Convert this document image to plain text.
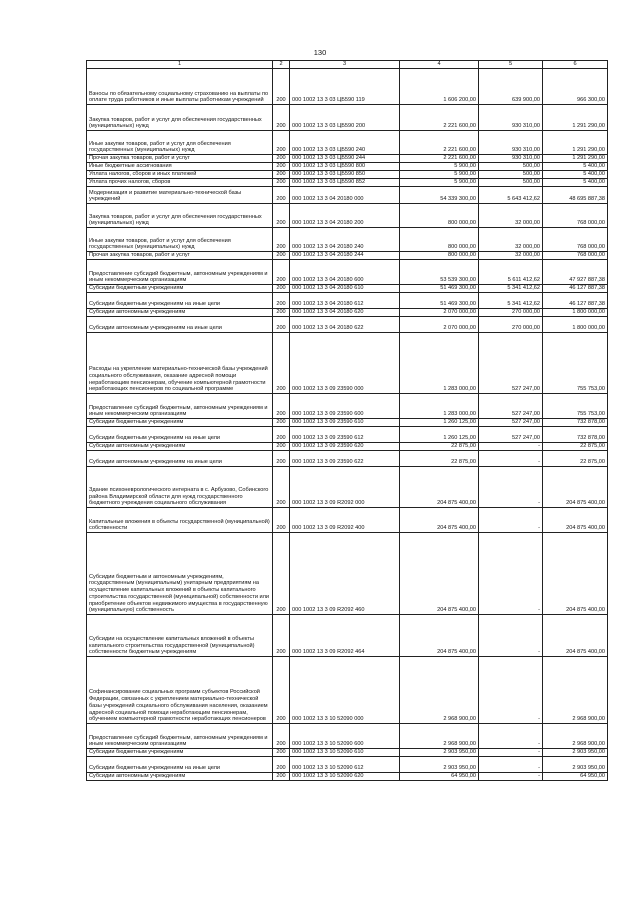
130
1	2	3	4	5	6
Взносы по обязательному социальному страхованию на выплаты по оплате труда работников и иные выплаты работникам учреждений	200	000 1002 13 3 03 ЦБ590 119	1 606 200,00	639 900,00	966 300,00
Закупка товаров, работ и услуг для обеспечения государственных (муниципальных) нужд	200	000 1002 13 3 03 ЦБ590 200	2 221 600,00	930 310,00	1 291 290,00
Иные закупки товаров, работ и услуг для обеспечения государственных (муниципальных) нужд	200	000 1002 13 3 03 ЦБ590 240	2 221 600,00	930 310,00	1 291 290,00
Прочая закупка товаров, работ и услуг	200	000 1002 13 3 03 ЦБ590 244	2 221 600,00	930 310,00	1 291 290,00
Иные бюджетные ассигнования	200	000 1002 13 3 03 ЦБ590 800	5 900,00	500,00	5 400,00
Уплата налогов, сборов и иных платежей	200	000 1002 13 3 03 ЦБ590 850	5 900,00	500,00	5 400,00
Уплата прочих налогов, сборов	200	000 1002 13 3 03 ЦБ590 852	5 900,00	500,00	5 400,00
Модернизация и развитие материально-технической базы учреждений	200	000 1002 13 3 04 20180 000	54 339 300,00	5 643 412,62	48 695 887,38
Закупка товаров, работ и услуг для обеспечения государственных (муниципальных) нужд	200	000 1002 13 3 04 20180 200	800 000,00	32 000,00	768 000,00
Иные закупки товаров, работ и услуг для обеспечения государственных (муниципальных) нужд	200	000 1002 13 3 04 20180 240	800 000,00	32 000,00	768 000,00
Прочая закупка товаров, работ и услуг	200	000 1002 13 3 04 20180 244	800 000,00	32 000,00	768 000,00
Предоставление субсидий бюджетным, автономным учреждениям и иным некоммерческим организациям	200	000 1002 13 3 04 20180 600	53 539 300,00	5 611 412,62	47 927 887,38
Субсидии бюджетным учреждениям	200	000 1002 13 3 04 20180 610	51 469 300,00	5 341 412,62	46 127 887,38
Субсидии бюджетным учреждениям на иные цели	200	000 1002 13 3 04 20180 612	51 469 300,00	5 341 412,62	46 127 887,38
Субсидии автономным учреждениям	200	000 1002 13 3 04 20180 620	2 070 000,00	270 000,00	1 800 000,00
Субсидии автономным учреждениям на иные цели	200	000 1002 13 3 04 20180 622	2 070 000,00	270 000,00	1 800 000,00
Расходы на укрепление материально-технической базы учреждений социального обслуживания, оказание адресной помощи неработающим пенсионерам, обучение компьютерной грамотности неработающих пенсионеров по социальной программе	200	000 1002 13 3 09 23590 000	1 283 000,00	527 247,00	755 753,00
Предоставление субсидий бюджетным, автономным учреждениям и иным некоммерческим организациям	200	000 1002 13 3 09 23590 600	1 283 000,00	527 247,00	755 753,00
Субсидии бюджетным учреждениям	200	000 1002 13 3 09 23590 610	1 260 125,00	527 247,00	732 878,00
Субсидии бюджетным учреждениям на иные цели	200	000 1002 13 3 09 23590 612	1 260 125,00	527 247,00	732 878,00
Субсидии автономным учреждениям	200	000 1002 13 3 09 23590 620	22 875,00	-	22 875,00
Субсидии автономным учреждениям на иные цели	200	000 1002 13 3 09 23590 622	22 875,00	-	22 875,00
Здание психоневрологического интерната в с. Арбузово, Собинского района Владимирской области для нужд государственного бюджетного учреждения социального обслуживания	200	000 1002 13 3 09 R2092 000	204 875 400,00	-	204 875 400,00
Капитальные вложения в объекты государственной (муниципальной) собственности	200	000 1002 13 3 09 R2092 400	204 875 400,00	-	204 875 400,00
Субсидии бюджетным и автономным учреждениям, государственным (муниципальным) унитарным предприятиям на осуществление капитальных вложений в объекты капитального строительства государственной (муниципальной) собственности или приобретение объектов недвижимого имущества в государственную (муниципальную) собственность	200	000 1002 13 3 09 R2092 460	204 875 400,00	-	204 875 400,00
Субсидии на осуществление капитальных вложений в объекты капитального строительства государственной (муниципальной) собственности бюджетным учреждениям	200	000 1002 13 3 09 R2092 464	204 875 400,00	-	204 875 400,00
Софинансирование социальных программ субъектов Российской Федерации, связанных с укреплением материально-технической базы учреждений социального обслуживания населения, оказанием адресной социальной помощи неработающим пенсионерам, обучением компьютерной грамотности неработающих пенсионеров	200	000 1002 13 3 10 52090 000	2 968 900,00	-	2 968 900,00
Предоставление субсидий бюджетным, автономным учреждениям и иным некоммерческим организациям	200	000 1002 13 3 10 52090 600	2 968 900,00	-	2 968 900,00
Субсидии бюджетным учреждениям	200	000 1002 13 3 10 52090 610	2 903 950,00	-	2 903 950,00
Субсидии бюджетным учреждениям на иные цели	200	000 1002 13 3 10 52090 612	2 903 950,00	-	2 903 950,00
Субсидии автономным учреждениям	200	000 1002 13 3 10 52090 620	64 950,00	-	64 950,00
